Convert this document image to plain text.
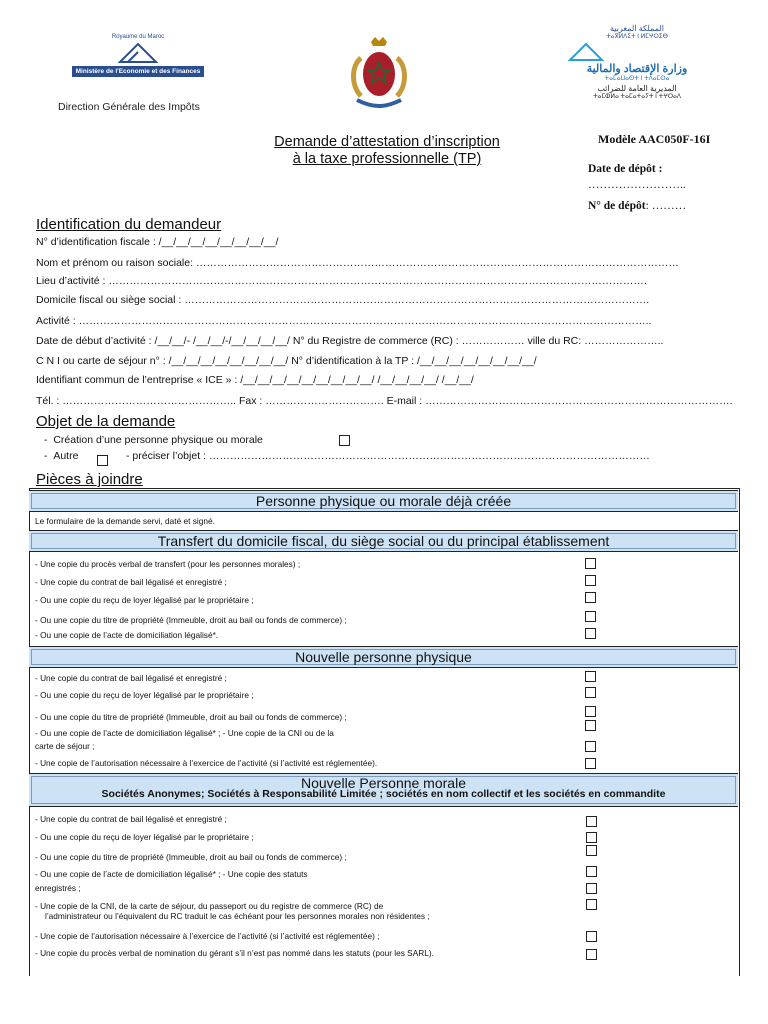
Royaume du Maroc
Ministère de l'Economie et des Finances
Direction Générale des Impôts
المملكة المغربية
ⵜⴰⴳⵍⴷⵉⵜ ⵏ ⵍⵎⵖⵔⵉⴱ
وزارة الإقتصاد والمالية
ⵜⴰⵎⴰⵡⴰⵙⵜ ⵏ ⵜⴷⴰⵎⵙⴰ
المديرية العامة للضرائب
ⵜⴰⵎⵀⵍⴰ ⵜⴰⵎⴰⵜⴰⵢⵜ ⵏ ⵜⵖⵔⴰⴷ
Demande d’attestation d’inscription
à la taxe professionnelle (TP)
Modèle AAC050F-16I
Date de dépôt :
……………………..
N° de dépôt: ………
Identification du demandeur
N° d’identification fiscale : /__/__/__/__/__/__/__/__/
Nom et prénom ou raison sociale: …………………………………………………………………………………………………………………………
Lieu d’activité : ……………………………………………………………………………………………………………………………………….
Domicile fiscal ou siège social : …………………………………………………………………………………………………………………….
Activité : ………………………………………………………………………………………………………………………………………………..
Date de début d’activité : /__/__/- /__/__/-/__/__/__/__/ N° du Registre de commerce (RC) : ……………… ville du RC: …………………..
C N I ou carte de séjour n° : /__/__/__/__/__/__/__/__/ N° d’identification à la TP : /__/__/__/__/__/__/__/__/
Identifiant commun de l’entreprise « ICE » : /__/__/__/__/__/__/__/__/__/ /__/__/__/__/ /__/__/
Tél. : ………………………………………….. Fax : ……………………………. E-mail : …………………………………………………………………………….
Objet de la demande
-  Création d’une personne physique ou morale
-  Autre	- préciser l’objet : ………………………………………………………………………………………………………………
Pièces à joindre
Personne physique ou morale déjà créée
Le formulaire de la demande servi, daté et signé.
Transfert du domicile fiscal, du siège social ou du principal établissement
- Une copie du procès verbal de transfert (pour les personnes morales) ;
- Une copie du contrat de bail légalisé et enregistré ;
- Ou une copie du reçu de loyer légalisé par le propriétaire ;
- Ou une copie du titre de propriété (Immeuble, droit au bail ou fonds de commerce) ;
- Ou une copie de l’acte de domiciliation légalisé*.
Nouvelle personne physique
- Une copie du contrat de bail légalisé et enregistré ;
- Ou une copie du reçu de loyer légalisé par le propriétaire ;
- Ou une copie du titre de propriété (Immeuble, droit au bail ou fonds de commerce) ;
- Ou une copie de l’acte de domiciliation légalisé* ; - Une copie de la CNI ou de la
carte de séjour ;
- Une copie de l’autorisation nécessaire à l’exercice de l’activité (si l’activité est réglementée).
Nouvelle Personne morale
Sociétés Anonymes; Sociétés à Responsabilité Limitée ; sociétés en nom collectif et les sociétés en commandite
- Une copie du contrat de bail légalisé et enregistré ;
- Ou une copie du reçu de loyer légalisé par le propriétaire ;
- Ou une copie du titre de propriété (Immeuble, droit au bail ou fonds de commerce) ;
- Ou une copie de l’acte de domiciliation légalisé* ; - Une copie des statuts
enregistrés ;
- Une copie de la CNI, de la carte de séjour, du passeport ou du registre de commerce (RC) de
l’administrateur ou l’équivalent du RC traduit le cas échéant pour les personnes morales non résidentes ;
- Une copie de l’autorisation nécessaire à l’exercice de l’activité (si l’activité est réglementée) ;
- Une copie du procès verbal de nomination du gérant s’il n’est pas nommé dans les statuts (pour les SARL).
